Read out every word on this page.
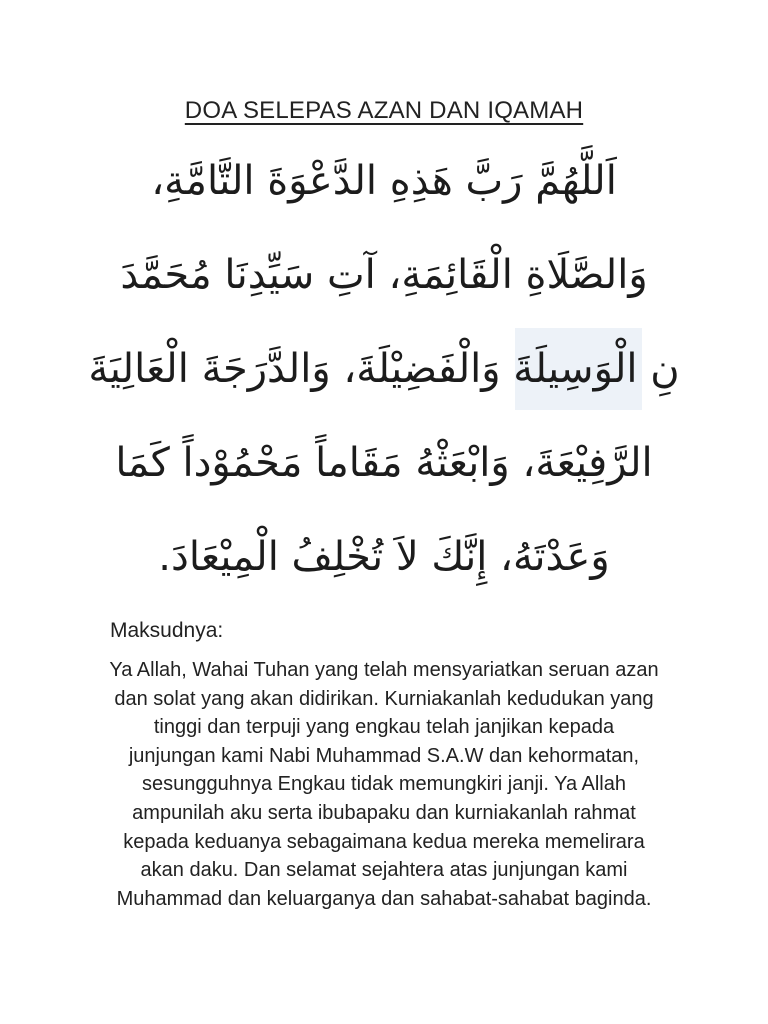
DOA SELEPAS AZAN DAN IQAMAH
اَللَّهُمَّ رَبَّ هَذِهِ الدَّعْوَةَ التَّامَّةِ،
وَالصَّلَاةِ الْقَائِمَةِ، آتِ سَيِّدِنَا مُحَمَّدَ
نِ الْوَسِيلَةَ وَالْفَضِيْلَةَ، وَالدَّرَجَةَ الْعَالِيَةَ
الرَّفِيْعَةَ، وَابْعَثْهُ مَقَاماً مَحْمُوْداً كَمَا
وَعَدْتَهُ، إِنَّكَ لاَ تُخْلِفُ الْمِيْعَادَ.
Maksudnya:
Ya Allah, Wahai Tuhan yang telah mensyariatkan seruan azan
dan solat yang akan didirikan. Kurniakanlah kedudukan yang
tinggi dan terpuji yang engkau telah janjikan kepada
junjungan kami Nabi Muhammad S.A.W dan kehormatan,
sesungguhnya Engkau tidak memungkiri janji. Ya Allah
ampunilah aku serta ibubapaku dan kurniakanlah rahmat
kepada keduanya sebagaimana kedua mereka memelirara
akan daku. Dan selamat sejahtera atas junjungan kami
Muhammad dan keluarganya dan sahabat-sahabat baginda.
